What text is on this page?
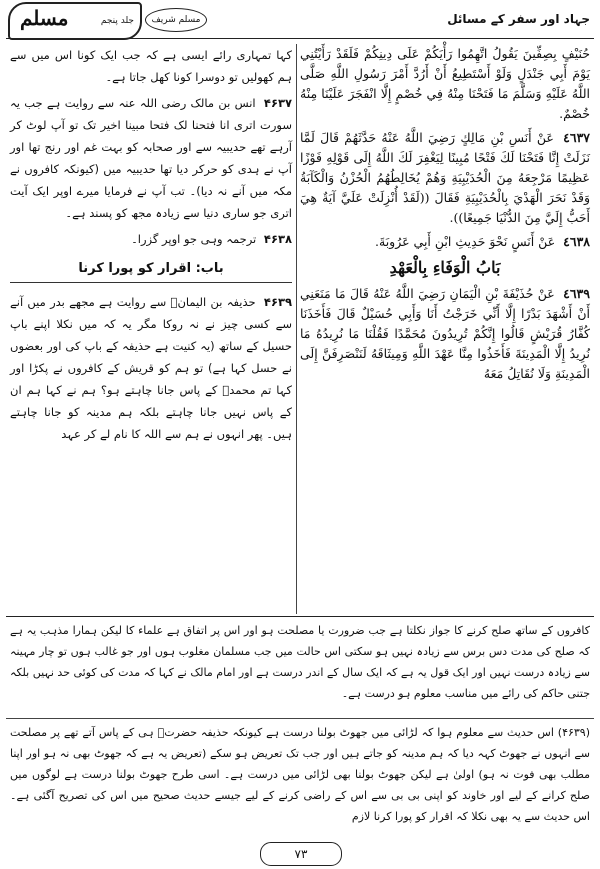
مسلم	جلد پنجم	مسلم شریف	جہاد اور سفر کے مسائل

حُنَيْفٍ بِصِفِّينَ يَقُولُ اتَّهِمُوا رَأْيَكُمْ عَلَى دِينِكُمْ فَلَقَدْ رَأَيْتُنِي يَوْمَ أَبِي جَنْدَلٍ وَلَوْ أَسْتَطِيعُ أَنْ أَرُدَّ أَمْرَ رَسُولِ اللَّهِ صَلَّى اللَّهُ عَلَيْهِ وَسَلَّمَ مَا فَتَحْنَا مِنْهُ فِي خُصْمٍ إِلَّا انْفَجَرَ عَلَيْنَا مِنْهُ خُصْمٌ.

٤٦٣٧ عَنْ أَنَسِ بْنِ مَالِكٍ رَضِيَ اللَّهُ عَنْهُ حَدَّثَهُمْ قَالَ لَمَّا نَزَلَتْ إِنَّا فَتَحْنَا لَكَ فَتْحًا مُبِينًا لِيَغْفِرَ لَكَ اللَّهُ إِلَى قَوْلِهِ فَوْزًا عَظِيمًا مَرْجِعَهُ مِنَ الْحُدَيْبِيَةِ وَهُمْ يُخَالِطُهُمُ الْحُزْنُ وَالْكَآبَةُ وَقَدْ نَحَرَ الْهَدْيَ بِالْحُدَيْبِيَةِ فَقَالَ ((لَقَدْ أُنْزِلَتْ عَلَيَّ آيَةٌ هِيَ أَحَبُّ إِلَيَّ مِنَ الدُّنْيَا جَمِيعًا)).

٤٦٣٨ عَنْ أَنَسٍ نَحْوَ حَدِيثِ ابْنِ أَبِي عَرُوبَةَ.

بَابُ الْوَفَاءِ بِالْعَهْدِ

٤٦٣٩ عَنْ حُذَيْفَةَ بْنِ الْيَمَانِ رَضِيَ اللَّهُ عَنْهُ قَالَ مَا مَنَعَنِي أَنْ أَشْهَدَ بَدْرًا إِلَّا أَنِّي خَرَجْتُ أَنَا وَأَبِي حُسَيْلٌ قَالَ فَأَخَذَنَا كُفَّارُ قُرَيْشٍ قَالُوا إِنَّكُمْ تُرِيدُونَ مُحَمَّدًا فَقُلْنَا مَا نُرِيدُهُ مَا نُرِيدُ إِلَّا الْمَدِينَةَ فَأَخَذُوا مِنَّا عَهْدَ اللَّهِ وَمِيثَاقَهُ لَنَنْصَرِفَنَّ إِلَى الْمَدِينَةِ وَلَا نُقَاتِلُ مَعَهُ

کہا تمہاری رائے ایسی ہے کہ جب ایک کونا اس میں سے ہم کھولیں تو دوسرا کونا کھل جاتا ہے۔

۴۶۳۷ انس بن مالک رضی اللہ عنہ سے روایت ہے جب یہ سورت اتری انا فتحنا لک فتحا مبینا اخیر تک تو آپ لوٹ کر آرہے تھے حدیبیہ سے اور صحابہ کو بہت غم اور رنج تھا اور آپ نے ہدی کو حرکر دیا تھا حدیبیہ میں (کیونکہ کافروں نے مکہ میں آنے نہ دیا)۔ تب آپ نے فرمایا میرے اوپر ایک آیت اتری جو ساری دنیا سے زیادہ مجھ کو پسند ہے۔

۴۶۳۸ ترجمہ وہی جو اوپر گزرا۔

باب: اقرار کو پورا کرنا

۴۶۳۹ حذیفہ بن الیمانؓ سے روایت ہے مجھے بدر میں آنے سے کسی چیز نے نہ روکا مگر یہ کہ میں نکلا اپنے باپ حسیل کے ساتھ (یہ کنیت ہے حذیفہ کے باپ کی اور بعضوں نے حسل کہا ہے) تو ہم کو قریش کے کافروں نے پکڑا اور کہا تم محمدؐ کے پاس جانا چاہتے ہو؟ ہم نے کہا ہم ان کے پاس نہیں جانا چاہتے بلکہ ہم مدینہ کو جانا چاہتے ہیں۔ پھر انہوں نے ہم سے اللہ کا نام لے کر عہد

کافروں کے ساتھ صلح کرنے کا جواز نکلتا ہے جب ضرورت یا مصلحت ہو اور اس پر اتفاق ہے علماء کا لیکن ہمارا مذہب یہ ہے کہ صلح کی مدت دس برس سے زیادہ نہیں ہو سکتی اس حالت میں جب مسلمان مغلوب ہوں اور جو غالب ہوں تو چار مہینہ سے زیادہ درست نہیں اور ایک قول یہ ہے کہ ایک سال کے اندر درست ہے اور امام مالک نے کہا کہ مدت کی کوئی حد نہیں بلکہ جتنی حاکم کی رائے میں مناسب معلوم ہو درست ہے۔
(۴۶۳۹) اس حدیث سے معلوم ہوا کہ لڑائی میں جھوٹ بولنا درست ہے کیونکہ حذیفہ حضرتؐ ہی کے پاس آتے تھے پر مصلحت سے انہوں نے جھوٹ کہہ دیا کہ ہم مدینہ کو جاتے ہیں اور جب تک تعریض ہو سکے (تعریض یہ ہے کہ جھوٹ بھی نہ ہو اور اپنا مطلب بھی فوت نہ ہو) اولیٰ ہے لیکن جھوٹ بولنا بھی لڑائی میں درست ہے۔ اسی طرح جھوٹ بولنا درست ہے لوگوں میں صلح کرانے کے لیے اور خاوند کو اپنی بی بی سے اس کے راضی کرنے کے لیے جیسے حدیث صحیح میں اس کی تصریح آگئی ہے۔ اس حدیث سے یہ بھی نکلا کہ اقرار کو پورا کرنا لازم
۷۳
